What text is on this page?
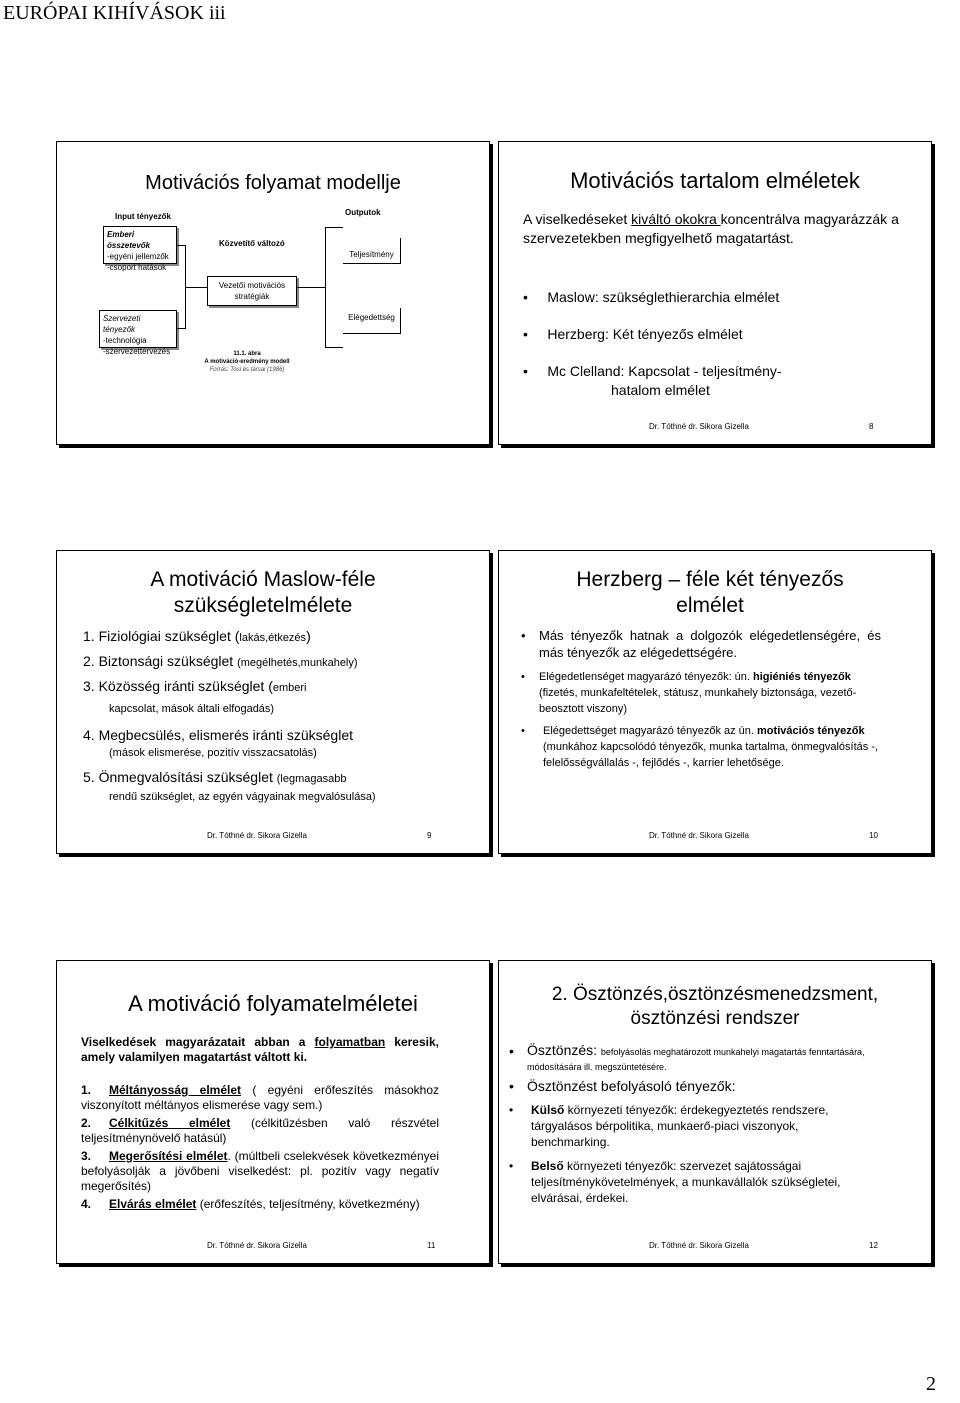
EURÓPAI KIHÍVÁSOK iii
Motivációs folyamat modellje
Emberi összetevők
-egyéni jellemzők
-csoport hatások
Input tényezők
Szervezeti tényezők
-technológia
-szervezettervezés
Közvetítő változó
Vezetői motivációs
stratégiák
Outputok
Teljesítmény
Elégedettség
11.1. ábra
A motiváció-eredmény modell
Forrás: Tosi és társai (1986)
Motivációs tartalom elméletek
A viselkedéseket kiváltó okokra koncentrálva magyarázzák a szervezetekben megfigyelhető magatartást.
•     Maslow: szükséglethierarchia elmélet
•     Herzberg: Két tényezős elmélet
•     Mc Clelland: Kapcsolat - teljesítmény-
hatalom elmélet
Dr. Tóthné dr. Sikora Gizella	8
A motiváció Maslow-féle
szükségletelmélete
1. Fiziológiai szükséglet (lakás,étkezés)
2. Biztonsági szükséglet (megélhetés,munkahely)
3. Közösség iránti szükséglet (emberi
kapcsolat, mások általi elfogadás)
4. Megbecsülés, elismerés iránti szükséglet
(mások elismerése, pozitív visszacsatolás)
5. Önmegvalósítási szükséglet (legmagasabb
rendű szükséglet, az egyén vágyainak megvalósulása)
Dr. Tóthné dr. Sikora Gizella	9
Herzberg – féle két tényezős
elmélet
•	Más tényezők hatnak a dolgozók elégedetlenségére, és más tényezők az elégedettségére.
•	Elégedetlenséget magyarázó tényezők: ún. higiéniés tényezők (fizetés, munkafeltételek, státusz, munkahely biztonsága, vezető-beosztott viszony)
•	Elégedettséget magyarázó tényezők az ún. motivációs tényezők (munkához kapcsolódó tényezők, munka tartalma, önmegvalósítás -, felelősségvállalás -, fejlődés -, karrier lehetősége.
Dr. Tóthné dr. Sikora Gizella	10
A motiváció folyamatelméletei
Viselkedések magyarázatait abban a folyamatban keresik, amely valamilyen magatartást váltott ki.
1. Méltányosság elmélet ( egyéni erőfeszítés másokhoz viszonyított méltányos elismerése vagy sem.)
2. Célkitűzés elmélet (célkitűzésben való részvétel teljesítménynövelő hatásúl)
3. Megerősítési elmélet. (múltbeli cselekvések következményei befolyásolják a jövőbeni viselkedést: pl. pozitív vagy negatív megerősítés)
4. Elvárás elmélet (erőfeszítés, teljesítmény, következmény)
Dr. Tóthné dr. Sikora Gizella	11
2. Ösztönzés,ösztönzésmenedzsment,
ösztönzési rendszer
• Ösztönzés: befolyásolás meghatározott munkahelyi magatartás fenntartására, módosítására ill. megszüntetésére.
• Ösztönzést befolyásoló tényezők:
•	Külső környezeti tényezők: érdekegyeztetés rendszere, tárgyalásos bérpolitika, munkaerő-piaci viszonyok, benchmarking.
•	Belső környezeti tényezők: szervezet sajátosságai teljesítménykövetelmények, a munkavállalók szükségletei, elvárásai, érdekei.
Dr. Tóthné dr. Sikora Gizella	12
2
